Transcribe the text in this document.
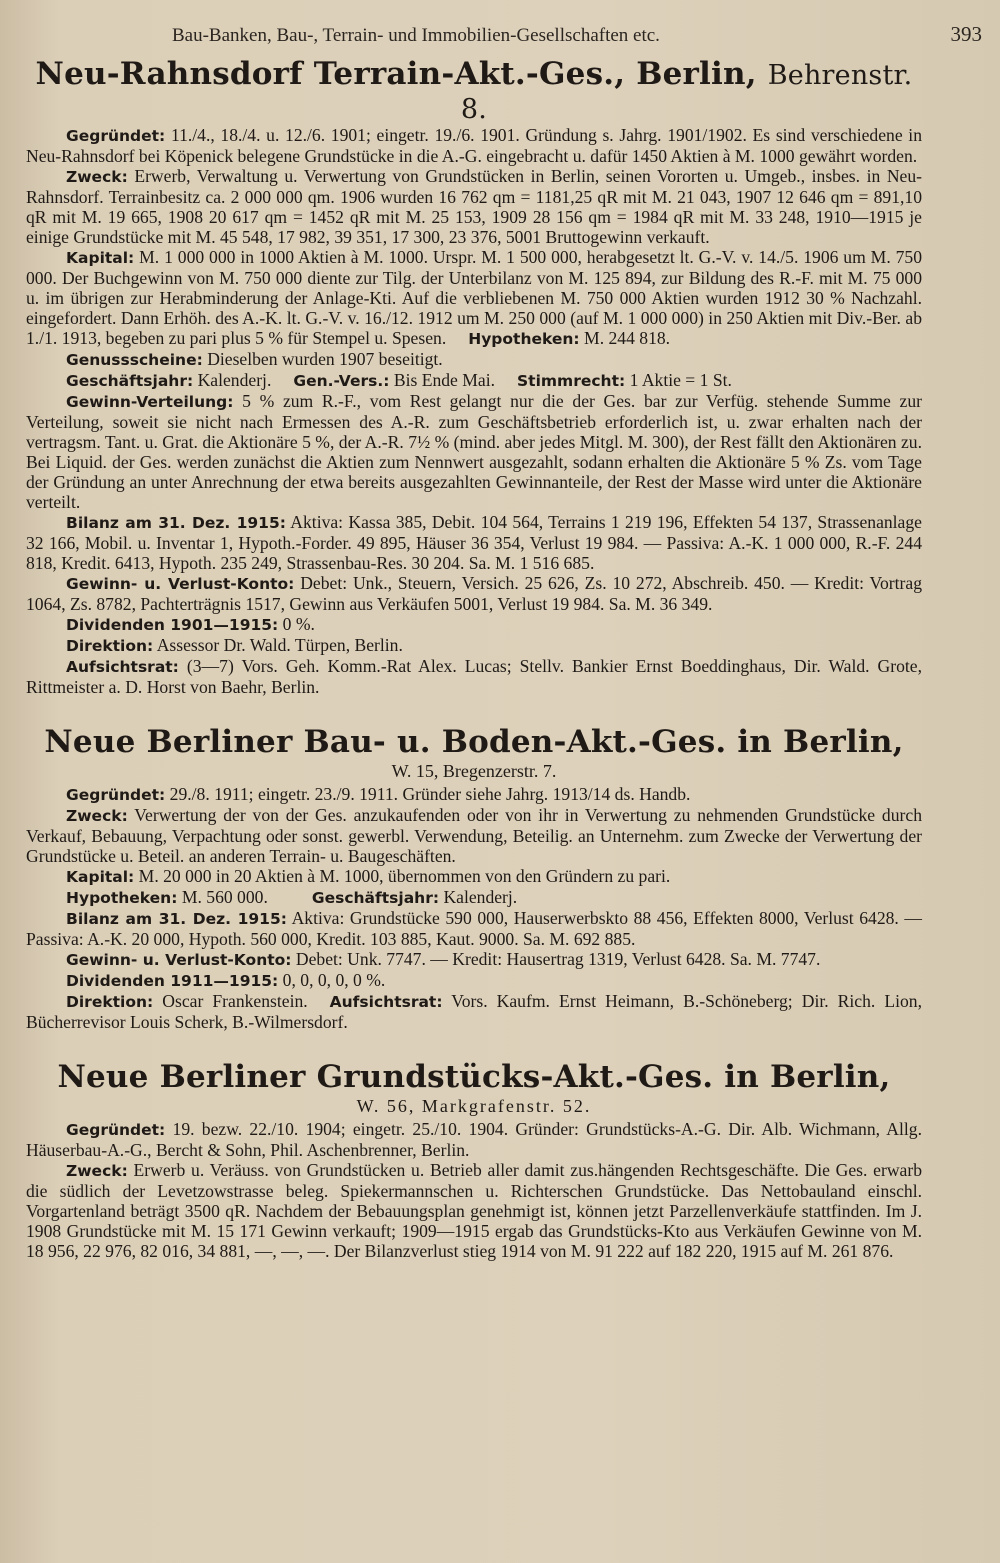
Bau-Banken, Bau-, Terrain- und Immobilien-Gesellschaften etc.	393
Neu-Rahnsdorf Terrain-Akt.-Ges., Berlin, Behrenstr. 8.

Gegründet: 11./4., 18./4. u. 12./6. 1901; eingetr. 19./6. 1901. Gründung s. Jahrg. 1901/1902. Es sind verschiedene in Neu-Rahnsdorf bei Köpenick belegene Grundstücke in die A.-G. eingebracht u. dafür 1450 Aktien à M. 1000 gewährt worden.

Zweck: Erwerb, Verwaltung u. Verwertung von Grundstücken in Berlin, seinen Vororten u. Umgeb., insbes. in Neu-Rahnsdorf. Terrainbesitz ca. 2 000 000 qm. 1906 wurden 16 762 qm = 1181,25 qR mit M. 21 043, 1907 12 646 qm = 891,10 qR mit M. 19 665, 1908 20 617 qm = 1452 qR mit M. 25 153, 1909 28 156 qm = 1984 qR mit M. 33 248, 1910—1915 je einige Grundstücke mit M. 45 548, 17 982, 39 351, 17 300, 23 376, 5001 Bruttogewinn verkauft.

Kapital: M. 1 000 000 in 1000 Aktien à M. 1000. Urspr. M. 1 500 000, herabgesetzt lt. G.-V. v. 14./5. 1906 um M. 750 000. Der Buchgewinn von M. 750 000 diente zur Tilg. der Unterbilanz von M. 125 894, zur Bildung des R.-F. mit M. 75 000 u. im übrigen zur Herabminderung der Anlage-Kti. Auf die verbliebenen M. 750 000 Aktien wurden 1912 30 % Nachzahl. eingefordert. Dann Erhöh. des A.-K. lt. G.-V. v. 16./12. 1912 um M. 250 000 (auf M. 1 000 000) in 250 Aktien mit Div.-Ber. ab 1./1. 1913, begeben zu pari plus 5 % für Stempel u. Spesen. Hypotheken: M. 244 818.

Genussscheine: Dieselben wurden 1907 beseitigt.

Geschäftsjahr: Kalenderj. Gen.-Vers.: Bis Ende Mai. Stimmrecht: 1 Aktie = 1 St.

Gewinn-Verteilung: 5 % zum R.-F., vom Rest gelangt nur die der Ges. bar zur Verfüg. stehende Summe zur Verteilung, soweit sie nicht nach Ermessen des A.-R. zum Geschäftsbetrieb erforderlich ist, u. zwar erhalten nach der vertragsm. Tant. u. Grat. die Aktionäre 5 %, der A.-R. 7½ % (mind. aber jedes Mitgl. M. 300), der Rest fällt den Aktionären zu. Bei Liquid. der Ges. werden zunächst die Aktien zum Nennwert ausgezahlt, sodann erhalten die Aktionäre 5 % Zs. vom Tage der Gründung an unter Anrechnung der etwa bereits ausgezahlten Gewinnanteile, der Rest der Masse wird unter die Aktionäre verteilt.

Bilanz am 31. Dez. 1915: Aktiva: Kassa 385, Debit. 104 564, Terrains 1 219 196, Effekten 54 137, Strassenanlage 32 166, Mobil. u. Inventar 1, Hypoth.-Forder. 49 895, Häuser 36 354, Verlust 19 984. — Passiva: A.-K. 1 000 000, R.-F. 244 818, Kredit. 6413, Hypoth. 235 249, Strassenbau-Res. 30 204. Sa. M. 1 516 685.

Gewinn- u. Verlust-Konto: Debet: Unk., Steuern, Versich. 25 626, Zs. 10 272, Abschreib. 450. — Kredit: Vortrag 1064, Zs. 8782, Pachterträgnis 1517, Gewinn aus Verkäufen 5001, Verlust 19 984. Sa. M. 36 349.

Dividenden 1901—1915: 0 %.

Direktion: Assessor Dr. Wald. Türpen, Berlin.

Aufsichtsrat: (3—7) Vors. Geh. Komm.-Rat Alex. Lucas; Stellv. Bankier Ernst Boeddinghaus, Dir. Wald. Grote, Rittmeister a. D. Horst von Baehr, Berlin.

Neue Berliner Bau- u. Boden-Akt.-Ges. in Berlin,
W. 15, Bregenzerstr. 7.

Gegründet: 29./8. 1911; eingetr. 23./9. 1911. Gründer siehe Jahrg. 1913/14 ds. Handb.

Zweck: Verwertung der von der Ges. anzukaufenden oder von ihr in Verwertung zu nehmenden Grundstücke durch Verkauf, Bebauung, Verpachtung oder sonst. gewerbl. Verwendung, Beteilig. an Unternehm. zum Zwecke der Verwertung der Grundstücke u. Beteil. an anderen Terrain- u. Baugeschäften.

Kapital: M. 20 000 in 20 Aktien à M. 1000, übernommen von den Gründern zu pari.

Hypotheken: M. 560 000.	Geschäftsjahr: Kalenderj.

Bilanz am 31. Dez. 1915: Aktiva: Grundstücke 590 000, Hauserwerbskto 88 456, Effekten 8000, Verlust 6428. — Passiva: A.-K. 20 000, Hypoth. 560 000, Kredit. 103 885, Kaut. 9000. Sa. M. 692 885.

Gewinn- u. Verlust-Konto: Debet: Unk. 7747. — Kredit: Hausertrag 1319, Verlust 6428. Sa. M. 7747.

Dividenden 1911—1915: 0, 0, 0, 0, 0 %.

Direktion: Oscar Frankenstein. Aufsichtsrat: Vors. Kaufm. Ernst Heimann, B.-Schöneberg; Dir. Rich. Lion, Bücherrevisor Louis Scherk, B.-Wilmersdorf.

Neue Berliner Grundstücks-Akt.-Ges. in Berlin,
W. 56, Markgrafenstr. 52.

Gegründet: 19. bezw. 22./10. 1904; eingetr. 25./10. 1904. Gründer: Grundstücks-A.-G. Dir. Alb. Wichmann, Allg. Häuserbau-A.-G., Bercht & Sohn, Phil. Aschenbrenner, Berlin.

Zweck: Erwerb u. Veräuss. von Grundstücken u. Betrieb aller damit zus.hängenden Rechtsgeschäfte. Die Ges. erwarb die südlich der Levetzowstrasse beleg. Spiekermannschen u. Richterschen Grundstücke. Das Nettobauland einschl. Vorgartenland beträgt 3500 qR. Nachdem der Bebauungsplan genehmigt ist, können jetzt Parzellenverkäufe stattfinden. Im J. 1908 Grundstücke mit M. 15 171 Gewinn verkauft; 1909—1915 ergab das Grundstücks-Kto aus Verkäufen Gewinne von M. 18 956, 22 976, 82 016, 34 881, —, —, —. Der Bilanzverlust stieg 1914 von M. 91 222 auf 182 220, 1915 auf M. 261 876.
